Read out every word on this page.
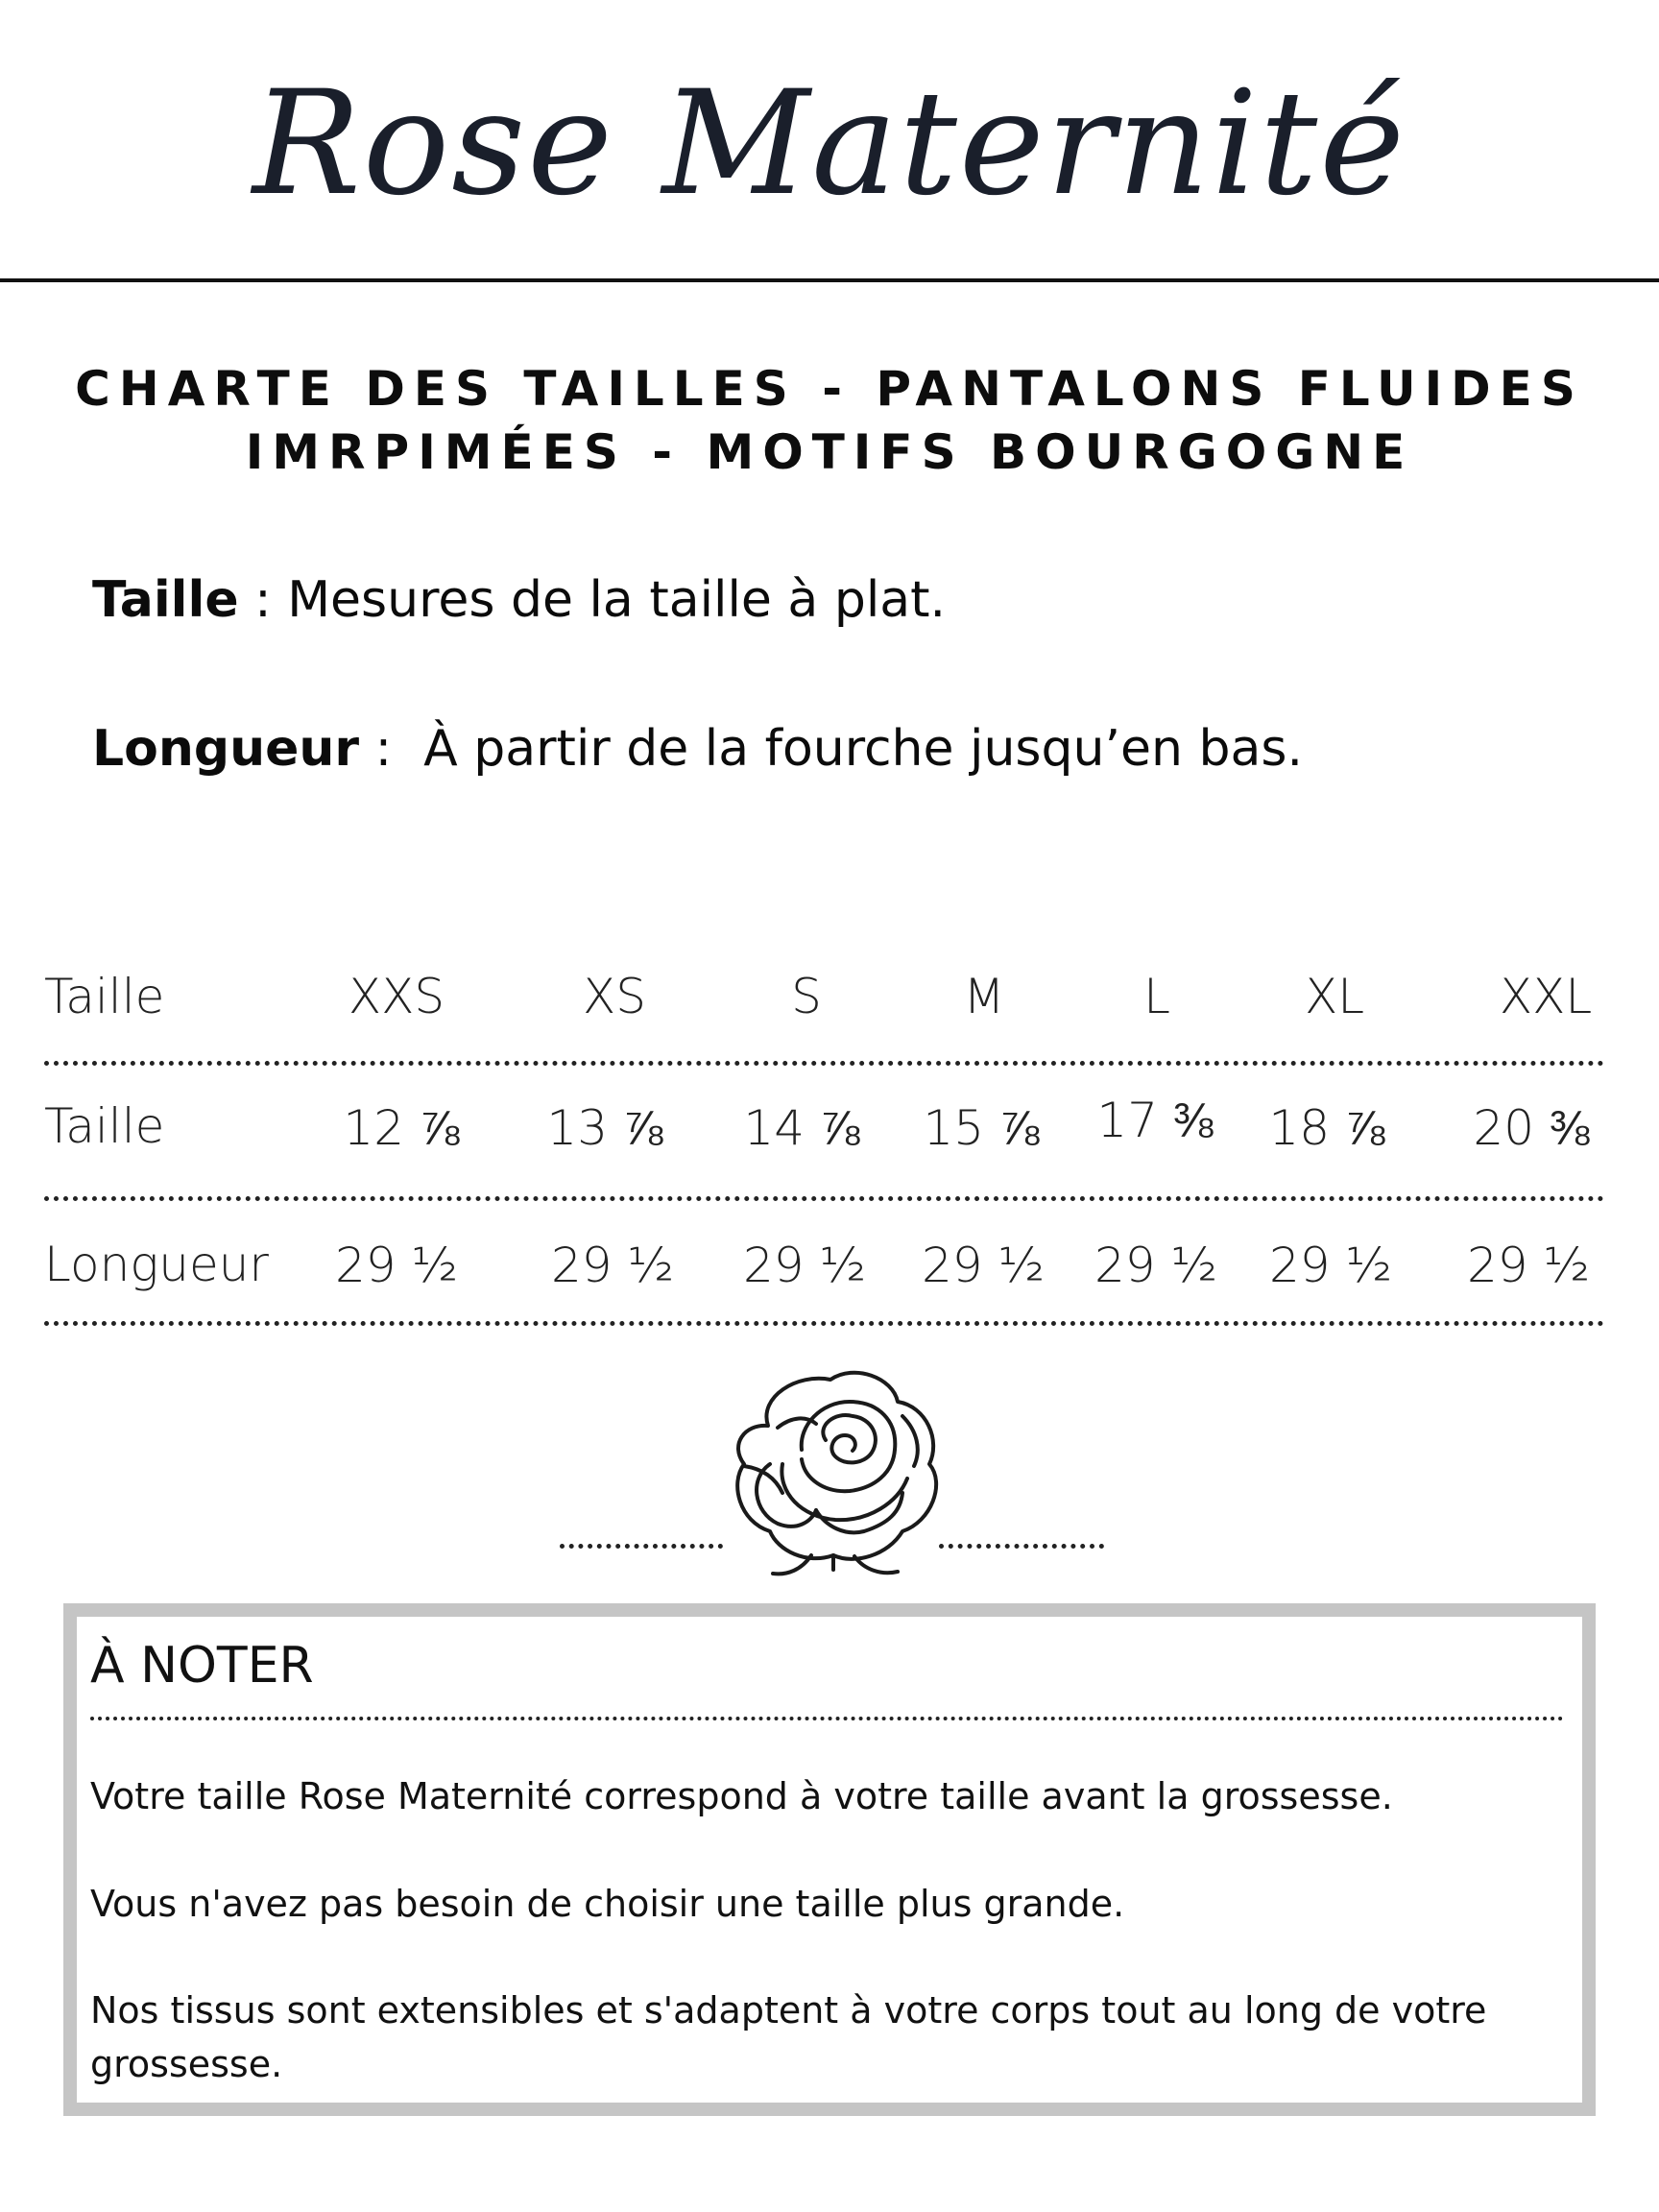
Rose Maternité
CHARTE DES TAILLES - PANTALONS FLUIDES
IMRPIMÉES - MOTIFS BOURGOGNE
Taille : Mesures de la taille à plat.
Longueur :  À partir de la fourche jusqu’en bas.
Taille	XXS	XS	S	M	L	XL	XXL
Taille	12 ⅞	13 ⅞	14 ⅞	15 ⅞	17 ⅜	18 ⅞	20 ⅜
Longueur	29 ½	29 ½	29 ½	29 ½	29 ½	29 ½	29 ½
À NOTER
Votre taille Rose Maternité correspond à votre taille avant la grossesse.
Vous n'avez pas besoin de choisir une taille plus grande.
Nos tissus sont extensibles et s'adaptent à votre corps tout au long de votre grossesse.
